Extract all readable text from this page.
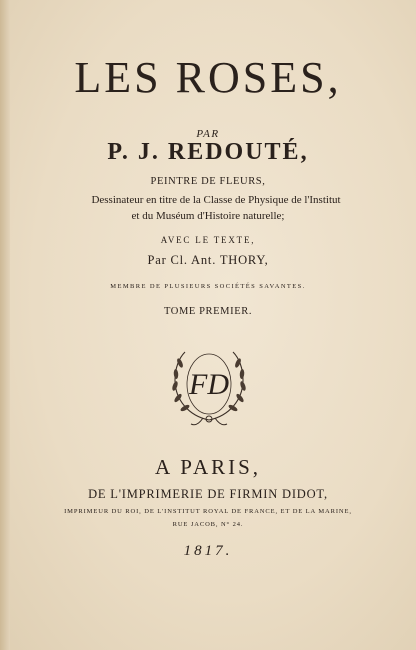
LES ROSES,
PAR
P. J. REDOUTÉ,
PEINTRE DE FLEURS,
Dessinateur en titre de la Classe de Physique de l'Institut
et du Muséum d'Histoire naturelle;
AVEC LE TEXTE,
Par Cl. Ant. THORY,
MEMBRE DE PLUSIEURS SOCIÉTÉS SAVANTES.
TOME PREMIER.
FD
A PARIS,
DE L'IMPRIMERIE DE FIRMIN DIDOT,
IMPRIMEUR DU ROI, DE L'INSTITUT ROYAL DE FRANCE, ET DE LA MARINE,
RUE JACOB, N° 24.
1817.
